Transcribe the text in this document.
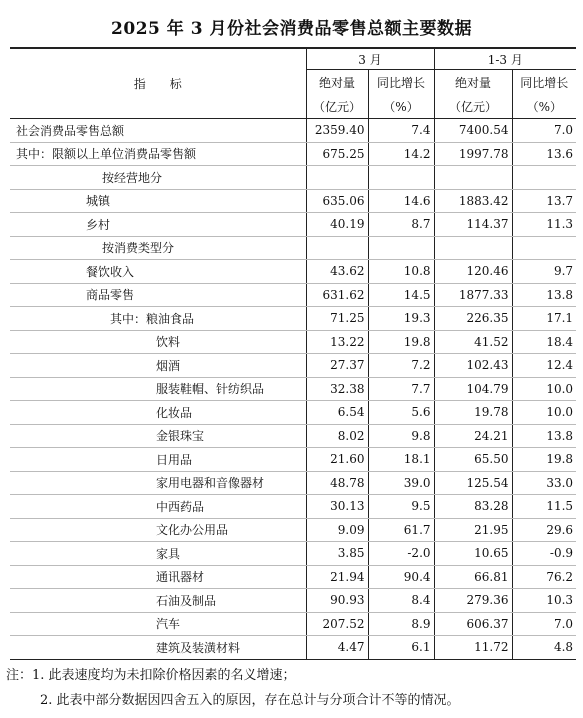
2025 年 3 月份社会消费品零售总额主要数据
指　　标	3 月		1-3 月	
	绝对量	同比增长	绝对量	同比增长
	（亿元）	（%）	（亿元）	（%）
社会消费品零售总额	2359.40	7.4	7400.54	7.0
其中：限额以上单位消费品零售额	675.25	14.2	1997.78	13.6
按经营地分				
城镇	635.06	14.6	1883.42	13.7
乡村	40.19	8.7	114.37	11.3
按消费类型分				
餐饮收入	43.62	10.8	120.46	9.7
商品零售	631.62	14.5	1877.33	13.8
其中：粮油食品	71.25	19.3	226.35	17.1
饮料	13.22	19.8	41.52	18.4
烟酒	27.37	7.2	102.43	12.4
服装鞋帽、针纺织品	32.38	7.7	104.79	10.0
化妆品	6.54	5.6	19.78	10.0
金银珠宝	8.02	9.8	24.21	13.8
日用品	21.60	18.1	65.50	19.8
家用电器和音像器材	48.78	39.0	125.54	33.0
中西药品	30.13	9.5	83.28	11.5
文化办公用品	9.09	61.7	21.95	29.6
家具	3.85	-2.0	10.65	-0.9
通讯器材	21.94	90.4	66.81	76.2
石油及制品	90.93	8.4	279.36	10.3
汽车	207.52	8.9	606.37	7.0
建筑及装潢材料	4.47	6.1	11.72	4.8
注：1. 此表速度均为未扣除价格因素的名义增速；
2. 此表中部分数据因四舍五入的原因，存在总计与分项合计不等的情况。
